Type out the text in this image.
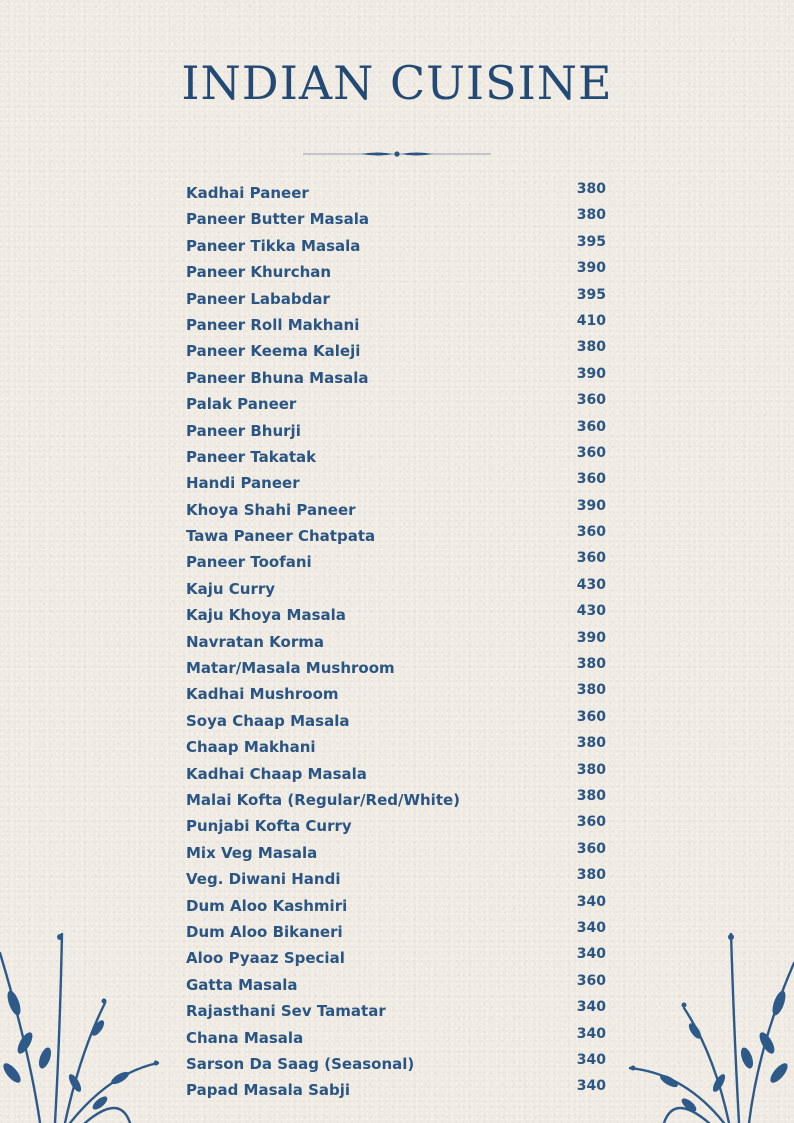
INDIAN CUISINE
Kadhai Paneer	380
Paneer Butter Masala	380
Paneer Tikka Masala	395
Paneer Khurchan	390
Paneer Lababdar	395
Paneer Roll Makhani	410
Paneer Keema Kaleji	380
Paneer Bhuna Masala	390
Palak Paneer	360
Paneer Bhurji	360
Paneer Takatak	360
Handi Paneer	360
Khoya Shahi Paneer	390
Tawa Paneer Chatpata	360
Paneer Toofani	360
Kaju Curry	430
Kaju Khoya Masala	430
Navratan Korma	390
Matar/Masala Mushroom	380
Kadhai Mushroom	380
Soya Chaap Masala	360
Chaap Makhani	380
Kadhai Chaap Masala	380
Malai Kofta (Regular/Red/White)	380
Punjabi Kofta Curry	360
Mix Veg Masala	360
Veg. Diwani Handi	380
Dum Aloo Kashmiri	340
Dum Aloo Bikaneri	340
Aloo Pyaaz Special	340
Gatta Masala	360
Rajasthani Sev Tamatar	340
Chana Masala	340
Sarson Da Saag (Seasonal)	340
Papad Masala Sabji	340
